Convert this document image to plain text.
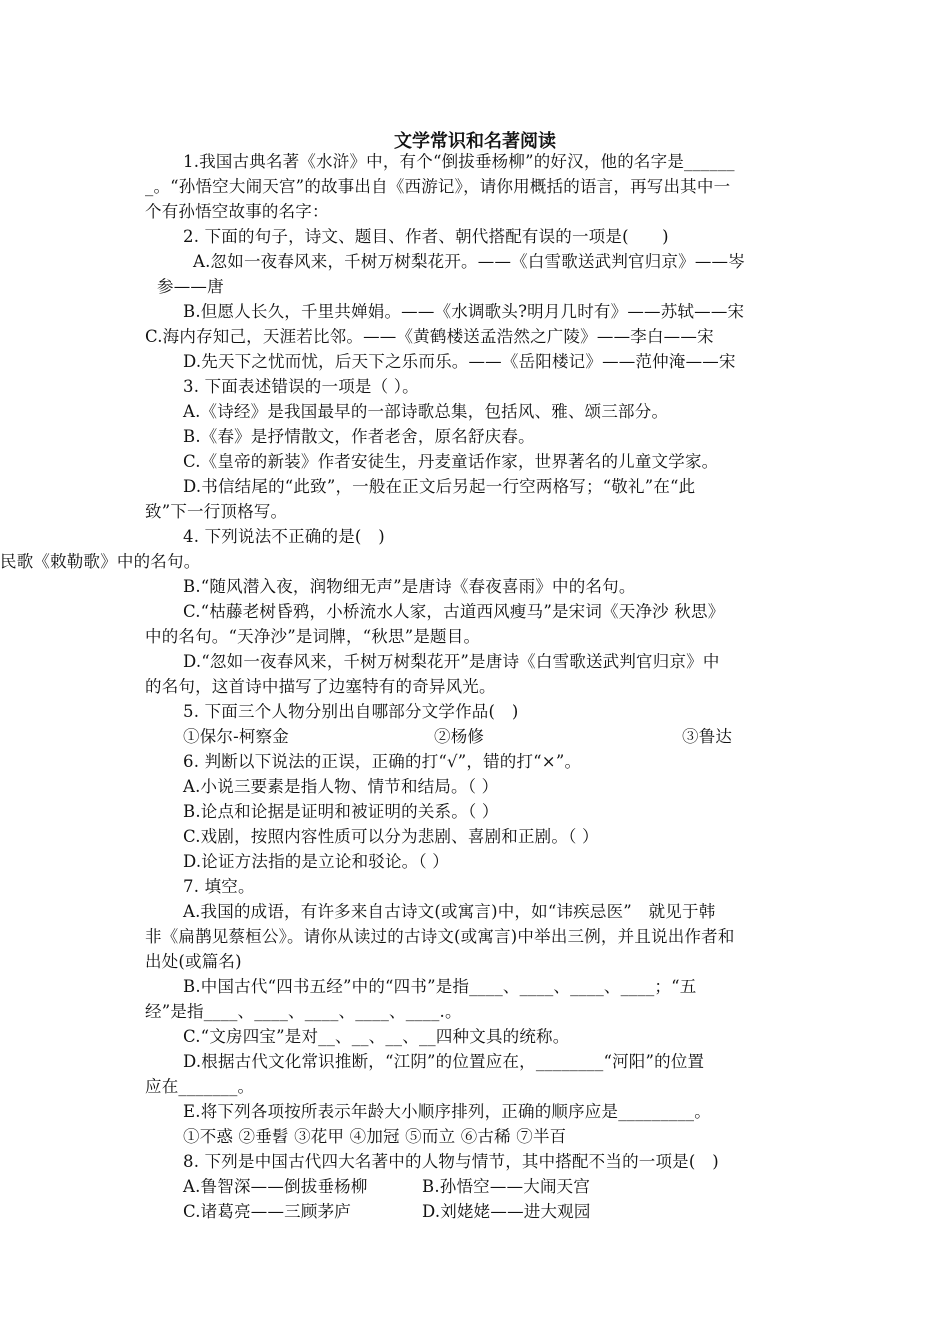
文学常识和名著阅读
1.我国古典名著《水浒》中，有个“倒拔垂杨柳”的好汉，他的名字是______
_。“孙悟空大闹天宫”的故事出自《西游记》，请你用概括的语言，再写出其中一
个有孙悟空故事的名字：
2. 下面的句子，诗文、题目、作者、朝代搭配有误的一项是(　　)
A.忽如一夜春风来，千树万树梨花开。——《白雪歌送武判官归京》——岑
参——唐
B.但愿人长久，千里共婵娟。——《水调歌头?明月几时有》——苏轼——宋
C.海内存知己，天涯若比邻。——《黄鹤楼送孟浩然之广陵》——李白——宋
D.先天下之忧而忧，后天下之乐而乐。——《岳阳楼记》——范仲淹——宋
3. 下面表述错误的一项是（ ）。
A.《诗经》是我国最早的一部诗歌总集，包括风、雅、颂三部分。
B.《春》是抒情散文，作者老舍，原名舒庆春。
C.《皇帝的新装》作者安徒生，丹麦童话作家，世界著名的儿童文学家。
D.书信结尾的“此致”，一般在正文后另起一行空两格写；“敬礼”在“此
致”下一行顶格写。
4. 下列说法不正确的是(　)
民歌《敕勒歌》中的名句。
B.“随风潜入夜，润物细无声”是唐诗《春夜喜雨》中的名句。
C.“枯藤老树昏鸦，小桥流水人家，古道西风瘦马”是宋词《天净沙 秋思》
中的名句。“天净沙”是词牌，“秋思”是题目。
D.“忽如一夜春风来，千树万树梨花开”是唐诗《白雪歌送武判官归京》中
的名句，这首诗中描写了边塞特有的奇异风光。
5. 下面三个人物分别出自哪部分文学作品(　)
①保尔-柯察金	②杨修	③鲁达
6. 判断以下说法的正误，正确的打“√”，错的打“×”。
A.小说三要素是指人物、情节和结局。（ ）
B.论点和论据是证明和被证明的关系。（ ）
C.戏剧，按照内容性质可以分为悲剧、喜剧和正剧。（ ）
D.论证方法指的是立论和驳论。（ ）
7. 填空。
A.我国的成语，有许多来自古诗文(或寓言)中，如“讳疾忌医”　就见于韩
非《扁鹊见蔡桓公》。请你从读过的古诗文(或寓言)中举出三例，并且说出作者和
出处(或篇名)
B.中国古代“四书五经”中的“四书”是指____、____、____、____；“五
经”是指____、____、____、____、____.。
C.“文房四宝”是对__、__、__、__四种文具的统称。
D.根据古代文化常识推断，“江阴”的位置应在，________“河阳”的位置
应在_______。
E.将下列各项按所表示年龄大小顺序排列，正确的顺序应是_________。
①不惑 ②垂髫 ③花甲 ④加冠 ⑤而立 ⑥古稀 ⑦半百
8. 下列是中国古代四大名著中的人物与情节，其中搭配不当的一项是(　)
A.鲁智深——倒拔垂杨柳	B.孙悟空——大闹天宫
C.诸葛亮——三顾茅庐	D.刘姥姥——进大观园
